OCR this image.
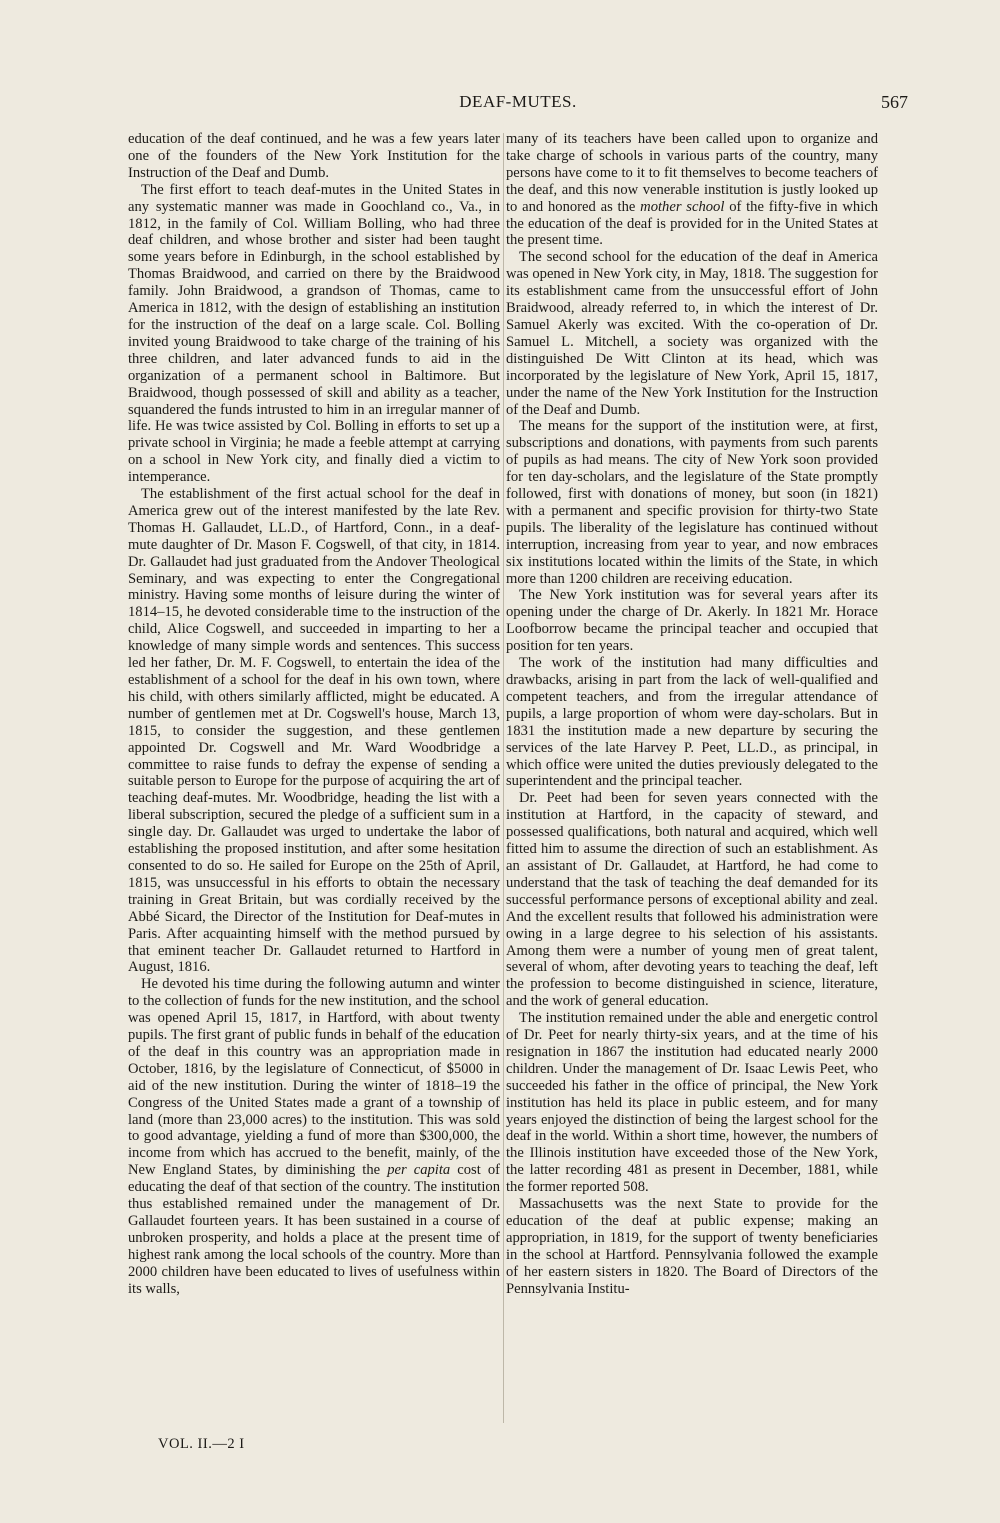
DEAF-MUTES.	567

education of the deaf continued, and he was a few years later one of the founders of the New York Institution for the Instruction of the Deaf and Dumb.

The first effort to teach deaf-mutes in the United States in any systematic manner was made in Goochland co., Va., in 1812, in the family of Col. William Bolling, who had three deaf children, and whose brother and sister had been taught some years before in Edinburgh, in the school established by Thomas Braidwood, and carried on there by the Braidwood family. John Braidwood, a grandson of Thomas, came to America in 1812, with the design of establishing an institution for the instruction of the deaf on a large scale. Col. Bolling invited young Braidwood to take charge of the training of his three children, and later advanced funds to aid in the organization of a permanent school in Baltimore. But Braidwood, though possessed of skill and ability as a teacher, squandered the funds intrusted to him in an irregular manner of life. He was twice assisted by Col. Bolling in efforts to set up a private school in Virginia; he made a feeble attempt at carrying on a school in New York city, and finally died a victim to intemperance.

The establishment of the first actual school for the deaf in America grew out of the interest manifested by the late Rev. Thomas H. Gallaudet, LL.D., of Hartford, Conn., in a deaf-mute daughter of Dr. Mason F. Cogswell, of that city, in 1814. Dr. Gallaudet had just graduated from the Andover Theological Seminary, and was expecting to enter the Congregational ministry. Having some months of leisure during the winter of 1814–15, he devoted considerable time to the instruction of the child, Alice Cogswell, and succeeded in imparting to her a knowledge of many simple words and sentences. This success led her father, Dr. M. F. Cogswell, to entertain the idea of the establishment of a school for the deaf in his own town, where his child, with others similarly afflicted, might be educated. A number of gentlemen met at Dr. Cogswell's house, March 13, 1815, to consider the suggestion, and these gentlemen appointed Dr. Cogswell and Mr. Ward Woodbridge a committee to raise funds to defray the expense of sending a suitable person to Europe for the purpose of acquiring the art of teaching deaf-mutes. Mr. Woodbridge, heading the list with a liberal subscription, secured the pledge of a sufficient sum in a single day. Dr. Gallaudet was urged to undertake the labor of establishing the proposed institution, and after some hesitation consented to do so. He sailed for Europe on the 25th of April, 1815, was unsuccessful in his efforts to obtain the necessary training in Great Britain, but was cordially received by the Abbé Sicard, the Director of the Institution for Deaf-mutes in Paris. After acquainting himself with the method pursued by that eminent teacher Dr. Gallaudet returned to Hartford in August, 1816.

He devoted his time during the following autumn and winter to the collection of funds for the new institution, and the school was opened April 15, 1817, in Hartford, with about twenty pupils. The first grant of public funds in behalf of the education of the deaf in this country was an appropriation made in October, 1816, by the legislature of Connecticut, of $5000 in aid of the new institution. During the winter of 1818–19 the Congress of the United States made a grant of a township of land (more than 23,000 acres) to the institution. This was sold to good advantage, yielding a fund of more than $300,000, the income from which has accrued to the benefit, mainly, of the New England States, by diminishing the per capita cost of educating the deaf of that section of the country. The institution thus established remained under the management of Dr. Gallaudet fourteen years. It has been sustained in a course of unbroken prosperity, and holds a place at the present time of highest rank among the local schools of the country. More than 2000 children have been educated to lives of usefulness within its walls,

many of its teachers have been called upon to organize and take charge of schools in various parts of the country, many persons have come to it to fit themselves to become teachers of the deaf, and this now venerable institution is justly looked up to and honored as the mother school of the fifty-five in which the education of the deaf is provided for in the United States at the present time.

The second school for the education of the deaf in America was opened in New York city, in May, 1818. The suggestion for its establishment came from the unsuccessful effort of John Braidwood, already referred to, in which the interest of Dr. Samuel Akerly was excited. With the co-operation of Dr. Samuel L. Mitchell, a society was organized with the distinguished De Witt Clinton at its head, which was incorporated by the legislature of New York, April 15, 1817, under the name of the New York Institution for the Instruction of the Deaf and Dumb.

The means for the support of the institution were, at first, subscriptions and donations, with payments from such parents of pupils as had means. The city of New York soon provided for ten day-scholars, and the legislature of the State promptly followed, first with donations of money, but soon (in 1821) with a permanent and specific provision for thirty-two State pupils. The liberality of the legislature has continued without interruption, increasing from year to year, and now embraces six institutions located within the limits of the State, in which more than 1200 children are receiving education.

The New York institution was for several years after its opening under the charge of Dr. Akerly. In 1821 Mr. Horace Loofborrow became the principal teacher and occupied that position for ten years.

The work of the institution had many difficulties and drawbacks, arising in part from the lack of well-qualified and competent teachers, and from the irregular attendance of pupils, a large proportion of whom were day-scholars. But in 1831 the institution made a new departure by securing the services of the late Harvey P. Peet, LL.D., as principal, in which office were united the duties previously delegated to the superintendent and the principal teacher.

Dr. Peet had been for seven years connected with the institution at Hartford, in the capacity of steward, and possessed qualifications, both natural and acquired, which well fitted him to assume the direction of such an establishment. As an assistant of Dr. Gallaudet, at Hartford, he had come to understand that the task of teaching the deaf demanded for its successful performance persons of exceptional ability and zeal. And the excellent results that followed his administration were owing in a large degree to his selection of his assistants. Among them were a number of young men of great talent, several of whom, after devoting years to teaching the deaf, left the profession to become distinguished in science, literature, and the work of general education.

The institution remained under the able and energetic control of Dr. Peet for nearly thirty-six years, and at the time of his resignation in 1867 the institution had educated nearly 2000 children. Under the management of Dr. Isaac Lewis Peet, who succeeded his father in the office of principal, the New York institution has held its place in public esteem, and for many years enjoyed the distinction of being the largest school for the deaf in the world. Within a short time, however, the numbers of the Illinois institution have exceeded those of the New York, the latter recording 481 as present in December, 1881, while the former reported 508.

Massachusetts was the next State to provide for the education of the deaf at public expense; making an appropriation, in 1819, for the support of twenty beneficiaries in the school at Hartford. Pennsylvania followed the example of her eastern sisters in 1820. The Board of Directors of the Pennsylvania Institu-

VOL. II.—2 I
